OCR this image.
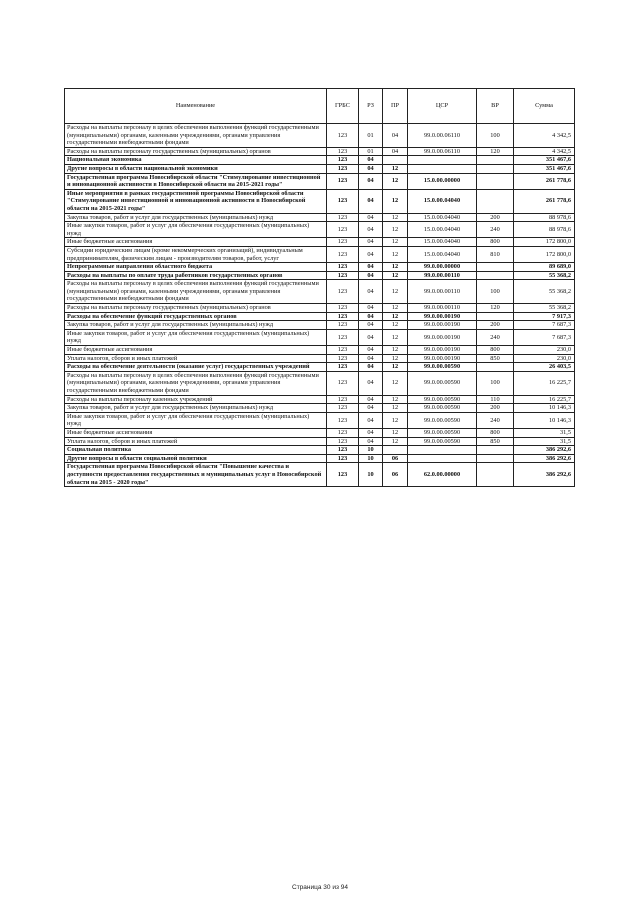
Наименование	ГРБС	РЗ	ПР	ЦСР	ВР	Сумма
Расходы на выплаты персоналу в целях обеспечения выполнения функций государственными (муниципальными) органами, казенными учреждениями, органами управления государственными внебюджетными фондами	123	01	04	99.0.00.06110	100	4 342,5
Расходы на выплаты персоналу государственных (муниципальных) органов	123	01	04	99.0.00.06110	120	4 342,5
Национальная экономика	123	04				351 467,6
Другие вопросы в области национальной экономики	123	04	12			351 467,6
Государственная программа Новосибирской области "Стимулирование инвестиционной и инновационной активности в Новосибирской области на 2015-2021 годы"	123	04	12	15.0.00.00000		261 778,6
Иные мероприятия в рамках государственной программы Новосибирской области "Стимулирование инвестиционной и инновационной активности в Новосибирской области на 2015-2021 годы"	123	04	12	15.0.00.04040		261 778,6
Закупка товаров, работ и услуг для государственных (муниципальных) нужд	123	04	12	15.0.00.04040	200	88 978,6
Иные закупки товаров, работ и услуг для обеспечения государственных (муниципальных) нужд	123	04	12	15.0.00.04040	240	88 978,6
Иные бюджетные ассигнования	123	04	12	15.0.00.04040	800	172 800,0
Субсидии юридическим лицам (кроме некоммерческих организаций), индивидуальным предпринимателям, физическим лицам - производителям товаров, работ, услуг	123	04	12	15.0.00.04040	810	172 800,0
Непрограммные направления областного бюджета	123	04	12	99.0.00.00000		89 689,0
Расходы на выплаты по оплате труда работников государственных органов	123	04	12	99.0.00.00110		55 368,2
Расходы на выплаты персоналу в целях обеспечения выполнения функций государственными (муниципальными) органами, казенными учреждениями, органами управления государственными внебюджетными фондами	123	04	12	99.0.00.00110	100	55 368,2
Расходы на выплаты персоналу государственных (муниципальных) органов	123	04	12	99.0.00.00110	120	55 368,2
Расходы на обеспечение функций государственных органов	123	04	12	99.0.00.00190		7 917,3
Закупка товаров, работ и услуг для государственных (муниципальных) нужд	123	04	12	99.0.00.00190	200	7 687,3
Иные закупки товаров, работ и услуг для обеспечения государственных (муниципальных) нужд	123	04	12	99.0.00.00190	240	7 687,3
Иные бюджетные ассигнования	123	04	12	99.0.00.00190	800	230,0
Уплата налогов, сборов и иных платежей	123	04	12	99.0.00.00190	850	230,0
Расходы на обеспечение деятельности (оказание услуг) государственных учреждений	123	04	12	99.0.00.00590		26 403,5
Расходы на выплаты персоналу в целях обеспечения выполнения функций государственными (муниципальными) органами, казенными учреждениями, органами управления государственными внебюджетными фондами	123	04	12	99.0.00.00590	100	16 225,7
Расходы на выплаты персоналу казенных учреждений	123	04	12	99.0.00.00590	110	16 225,7
Закупка товаров, работ и услуг для государственных (муниципальных) нужд	123	04	12	99.0.00.00590	200	10 146,3
Иные закупки товаров, работ и услуг для обеспечения государственных (муниципальных) нужд	123	04	12	99.0.00.00590	240	10 146,3
Иные бюджетные ассигнования	123	04	12	99.0.00.00590	800	31,5
Уплата налогов, сборов и иных платежей	123	04	12	99.0.00.00590	850	31,5
Социальная политика	123	10				386 292,6
Другие вопросы в области социальной политики	123	10	06			386 292,6
Государственная программа Новосибирской области "Повышение качества и доступности предоставления государственных и муниципальных услуг в Новосибирской области на 2015 - 2020 годы"	123	10	06	62.0.00.00000		386 292,6
Страница 30 из 94
